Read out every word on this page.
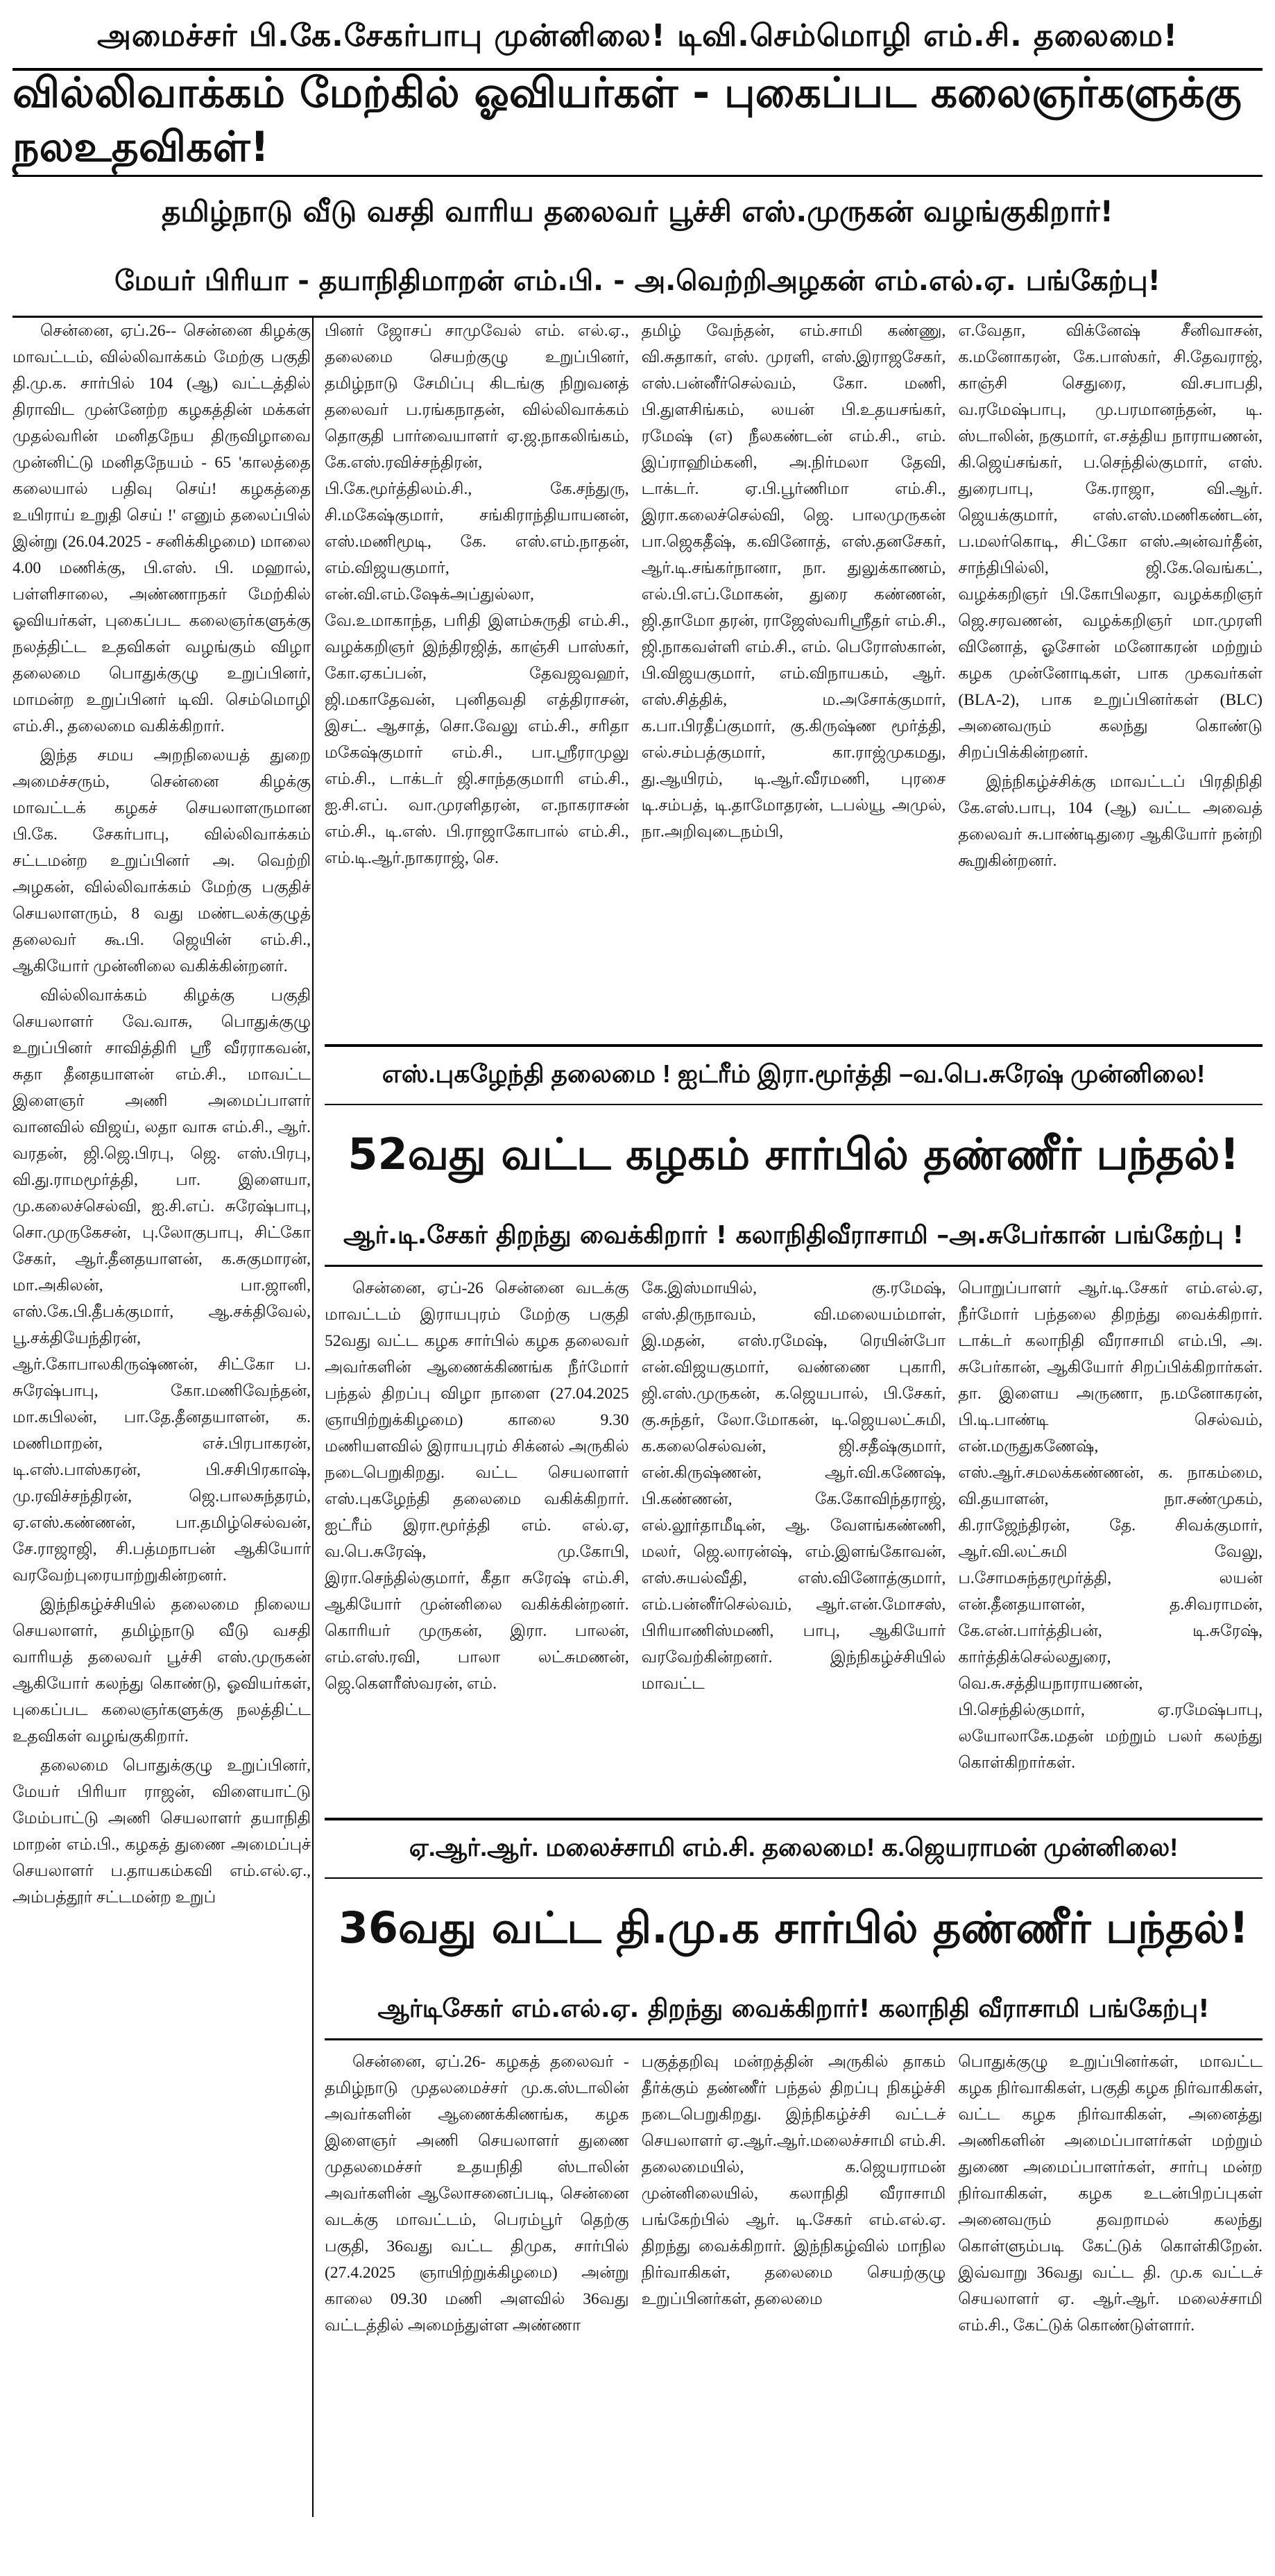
அமைச்சர் பி.கே.சேகர்பாபு முன்னிலை! டிவி.செம்மொழி எம்.சி. தலைமை!
வில்லிவாக்கம் மேற்கில் ஓவியர்கள் - புகைப்பட கலைஞர்களுக்கு நலஉதவிகள்!
தமிழ்நாடு வீடு வசதி வாரிய தலைவர் பூச்சி எஸ்.முருகன் வழங்குகிறார்!
மேயர் பிரியா - தயாநிதிமாறன் எம்.பி. - அ.வெற்றிஅழகன் எம்.எல்.ஏ. பங்கேற்பு!

சென்னை, ஏப்.26-- சென்னை கிழக்கு மாவட்டம், வில்லிவாக்கம் மேற்கு பகுதி தி.மு.க. சார்பில் 104 (ஆ) வட்டத்தில் திராவிட முன்னேற்ற கழகத்தின் மக்கள் முதல்வரின் மனிதநேய திருவிழாவை முன்னிட்டு மனிதநேயம் - 65 'காலத்தை கலையால் பதிவு செய்! கழகத்தை உயிராய் உறுதி செய் !' எனும் தலைப்பில் இன்று (26.04.2025 - சனிக்கிழமை) மாலை 4.00 மணிக்கு, பி.எஸ். பி. மஹால், பள்ளிசாலை, அண்ணாநகர் மேற்கில் ஓவியர்கள், புகைப்பட கலைஞர்களுக்கு நலத்திட்ட உதவிகள் வழங்கும் விழா தலைமை பொதுக்குழு உறுப்பினர், மாமன்ற உறுப்பினர் டிவி. செம்மொழி எம்.சி., தலைமை வகிக்கிறார்.

இந்த சமய அறநிலையத் துறை அமைச்சரும், சென்னை கிழக்கு மாவட்டக் கழகச் செயலாளருமான பி.கே. சேகர்பாபு, வில்லிவாக்கம் சட்டமன்ற உறுப்பினர் அ. வெற்றி அழகன், வில்லிவாக்கம் மேற்கு பகுதிச் செயலாளரும், 8 வது மண்டலக்குழுத் தலைவர் கூ.பி. ஜெயின் எம்.சி., ஆகியோர் முன்னிலை வகிக்கின்றனர்.

வில்லிவாக்கம் கிழக்கு பகுதி செயலாளர் வே.வாசு, பொதுக்குழு உறுப்பினர் சாவித்திரி ஸ்ரீ வீரராகவன், சுதா தீனதயாளன் எம்.சி., மாவட்ட இளைஞர் அணி அமைப்பாளர் வானவில் விஜய், லதா வாசு எம்.சி., ஆர். வரதன், ஜி.ஜெ.பிரபு, ஜெ. எஸ்.பிரபு, வி.து.ராமமூர்த்தி, பா. இளையா, மு.கலைச்செல்வி, ஐ.சி.எப். சுரேஷ்பாபு, சொ.முருகேசன், பு.லோகுபாபு, சிட்கோ சேகர், ஆர்.தீனதயாளன், க.சுகுமாரன், மா.அகிலன், பா.ஜானி, எஸ்.கே.பி.தீபக்குமார், ஆ.சக்திவேல், பூ.சக்தியேந்திரன், ஆர்.கோபாலகிருஷ்ணன், சிட்கோ ப. சுரேஷ்பாபு, கோ.மணிவேந்தன், மா.கபிலன், பா.தே.தீனதயாளன், க. மணிமாறன், எச்.பிரபாகரன், டி.எஸ்.பாஸ்கரன், பி.சசிபிரகாஷ், மு.ரவிச்சந்திரன், ஜெ.பாலசுந்தரம், ஏ.எஸ்.கண்ணன், பா.தமிழ்செல்வன், சே.ராஜாஜி, சி.பத்மநாபன் ஆகியோர் வரவேற்புரையாற்றுகின்றனர்.

இந்நிகழ்ச்சியில் தலைமை நிலைய செயலாளர், தமிழ்நாடு வீடு வசதி வாரியத் தலைவர் பூச்சி எஸ்.முருகன் ஆகியோர் கலந்து கொண்டு, ஓவியர்கள், புகைப்பட கலைஞர்களுக்கு நலத்திட்ட உதவிகள் வழங்குகிறார்.

தலைமை பொதுக்குழு உறுப்பினர், மேயர் பிரியா ராஜன், விளையாட்டு மேம்பாட்டு அணி செயலாளர் தயாநிதி மாறன் எம்.பி., கழகத் துணை அமைப்புச் செயலாளர் ப.தாயகம்கவி எம்.எல்.ஏ., அம்பத்தூர் சட்டமன்ற உறுப்

பினர் ஜோசப் சாமுவேல் எம். எல்.ஏ., தலைமை செயற்குழு உறுப்பினர், தமிழ்நாடு சேமிப்பு கிடங்கு நிறுவனத் தலைவர் ப.ரங்கநாதன், வில்லிவாக்கம் தொகுதி பார்வையாளர் ஏ.ஜ.நாகலிங்கம், கே.எஸ்.ரவிச்சந்திரன், பி.கே.மூர்த்திலம்.சி., கே.சந்துரு, சி.மகேஷ்குமார், சங்கிராந்தியாயனன், எஸ்.மணிமூடி, கே. எஸ்.எம்.நாதன், எம்.விஜயகுமார், என்.வி.எம்.ஷேக்அப்துல்லா, வே.உமாகாந்த, பரிதி இளம்சுருதி எம்.சி., வழக்கறிஞர் இந்திரஜித், காஞ்சி பாஸ்கர், கோ.ஏகப்பன், தேவஜவஹர், ஜி.மகாதேவன், புனிதவதி எத்திராசன், இசட். ஆசாத், சொ.வேலு எம்.சி., சரிதா மகேஷ்குமார் எம்.சி., பா.ஸ்ரீராமுலு எம்.சி., டாக்டர் ஜி.சாந்தகுமாரி எம்.சி., ஐ.சி.எப். வா.முரளிதரன், எ.நாகராசன் எம்.சி., டி.எஸ். பி.ராஜாகோபால் எம்.சி., எம்.டி.ஆர்.நாகராஜ், செ.

தமிழ் வேந்தன், எம்.சாமி கண்ணு, வி.சுதாகர், எஸ். முரளி, எஸ்.இராஜசேகர், எஸ்.பன்னீர்செல்வம், கோ. மணி, பி.துளசிங்கம், லயன் பி.உதயசங்கர், ரமேஷ் (எ) நீலகண்டன் எம்.சி., எம். இப்ராஹிம்கனி, அ.நிர்மலா தேவி, டாக்டர். ஏ.பி.பூர்ணிமா எம்.சி., இரா.கலைச்செல்வி, ஜெ. பாலமுருகன் பா.ஜெகதீஷ், க.வினோத், எஸ்.தனசேகர், ஆர்.டி.சங்கர்நானா, நா. துலுக்காணம், எல்.பி.எப்.மோகன், துரை கண்ணன், ஜி.தாமோ தரன், ராஜேஸ்வரிஸ்ரீதர் எம்.சி., ஜி.நாகவள்ளி எம்.சி., எம். பெரோஸ்கான், பி.விஜயகுமார், எம்.விநாயகம், ஆர். எஸ்.சித்திக், ம.அசோக்குமார், க.பா.பிரதீப்குமார், கு.கிருஷ்ண மூர்த்தி, எல்.சம்பத்குமார், கா.ராஜ்முகமது, து.ஆயிரம், டி.ஆர்.வீரமணி, புரசை டி.சம்பத், டி.தாமோதரன், டபல்யூ அமுல், நா.அறிவுடைநம்பி,

எ.வேதா, விக்னேஷ் சீனிவாசன், க.மனோகரன், கே.பாஸ்கர், சி.தேவராஜ், காஞ்சி செதுரை, வி.சபாபதி, வ.ரமேஷ்பாபு, மு.பரமானந்தன், டி. ஸ்டாலின், நகுமார், எ.சத்திய நாராயணன், கி.ஜெய்சங்கர், ப.செந்தில்குமார், எஸ். துரைபாபு, கே.ராஜா, வி.ஆர். ஜெயக்குமார், எஸ்.எஸ்.மணிகண்டன், ப.மலர்கொடி, சிட்கோ எஸ்.அன்வர்தீன், சாந்திபில்லி, ஜி.கே.வெங்கட், வழக்கறிஞர் பி.கோபிலதா, வழக்கறிஞர் ஜெ.சரவணன், வழக்கறிஞர் மா.முரளி வினோத், ஓசோன் மனோகரன் மற்றும் கழக முன்னோடிகள், பாக முகவர்கள் (BLA-2), பாக உறுப்பினர்கள் (BLC) அனைவரும் கலந்து கொண்டு சிறப்பிக்கின்றனர்.

இந்நிகழ்ச்சிக்கு மாவட்டப் பிரதிநிதி கே.எஸ்.பாபு, 104 (ஆ) வட்ட அவைத் தலைவர் சு.பாண்டிதுரை ஆகியோர் நன்றி கூறுகின்றனர்.

எஸ்.புகழேந்தி தலைமை ! ஐட்ரீம் இரா.மூர்த்தி –வ.பெ.சுரேஷ் முன்னிலை!
52வது வட்ட கழகம் சார்பில் தண்ணீர் பந்தல்!
ஆர்.டி.சேகர் திறந்து வைக்கிறார் ! கலாநிதிவீராசாமி –அ.சுபேர்கான் பங்கேற்பு !

சென்னை, ஏப்-26 சென்னை வடக்கு மாவட்டம் இராயபுரம் மேற்கு பகுதி 52வது வட்ட கழக சார்பில் கழக தலைவர் அவர்களின் ஆணைக்கிணங்க நீர்மோர் பந்தல் திறப்பு விழா நாளை (27.04.2025 ஞாயிற்றுக்கிழமை) காலை 9.30 மணியளவில் இராயபுரம் சிக்னல் அருகில் நடைபெறுகிறது. வட்ட செயலாளர் எஸ்.புகழேந்தி தலைமை வகிக்கிறார். ஐட்ரீம் இரா.மூர்த்தி எம். எல்.ஏ, வ.பெ.சுரேஷ், மு.கோபி, இரா.செந்தில்குமார், கீதா சுரேஷ் எம்.சி, ஆகியோர் முன்னிலை வகிக்கின்றனர். கொரியர் முருகன், இரா. பாலன், எம்.எஸ்.ரவி, பாலா லட்சுமணன், ஜெ.கௌரீஸ்வரன், எம்.

கே.இஸ்மாயில், கு.ரமேஷ், எஸ்.திருநாவம், வி.மலையம்மாள், இ.மதன், எஸ்.ரமேஷ், ரெயின்போ என்.விஜயகுமார், வண்ணை புகாரி, ஜி.எஸ்.முருகன், க.ஜெயபால், பி.சேகர், கு.சுந்தர், லோ.மோகன், டி.ஜெயலட்சுமி, க.கலைசெல்வன், ஜி.சதீஷ்குமார், என்.கிருஷ்ணன், ஆர்.வி.கணேஷ், பி.கண்ணன், கே.கோவிந்தராஜ், எல்.லூர்தாமீடின், ஆ. வேளங்கண்ணி, மலர், ஜெ.லாரன்ஷ், எம்.இளங்கோவன், எஸ்.சுயல்வீதி, எஸ்.வினோத்குமார், எம்.பன்னீர்செல்வம், ஆர்.என்.மோசஸ், பிரியாணிஸ்மணி, பாபு, ஆகியோர் வரவேற்கின்றனர். இந்நிகழ்ச்சியில் மாவட்ட

பொறுப்பாளர் ஆர்.டி.சேகர் எம்.எல்.ஏ, நீர்மோர் பந்தலை திறந்து வைக்கிறார். டாக்டர் கலாநிதி வீராசாமி எம்.பி, அ. சுபேர்கான், ஆகியோர் சிறப்பிக்கிறார்கள். தா. இளைய அருணா, ந.மனோகரன், பி.டி.பாண்டி செல்வம், என்.மருதுகணேஷ், எஸ்.ஆர்.சமலக்கண்ணன், க. நாகம்மை, வி.தயாளன், நா.சண்முகம், கி.ராஜேந்திரன், தே. சிவக்குமார், ஆர்.வி.லட்சுமி வேலு, ப.சோமசுந்தரமூர்த்தி, லயன் என்.தீனதயாளன், த.சிவராமன், கே.என்.பார்த்திபன், டி.சுரேஷ், கார்த்திக்செல்லதுரை, வெ.சு.சத்தியநாராயணன், பி.செந்தில்குமார், ஏ.ரமேஷ்பாபு, லயோலாகே.மதன் மற்றும் பலர் கலந்து கொள்கிறார்கள்.

ஏ.ஆர்.ஆர். மலைச்சாமி எம்.சி. தலைமை! க.ஜெயராமன் முன்னிலை!
36வது வட்ட தி.மு.க சார்பில் தண்ணீர் பந்தல்!
ஆர்டிசேகர் எம்.எல்.ஏ. திறந்து வைக்கிறார்! கலாநிதி வீராசாமி பங்கேற்பு!

சென்னை, ஏப்.26- கழகத் தலைவர் - தமிழ்நாடு முதலமைச்சர் மு.க.ஸ்டாலின் அவர்களின் ஆணைக்கிணங்க, கழக இளைஞர் அணி செயலாளர் துணை முதலமைச்சர் உதயநிதி ஸ்டாலின் அவர்களின் ஆலோசனைப்படி, சென்னை வடக்கு மாவட்டம், பெரம்பூர் தெற்கு பகுதி, 36வது வட்ட திமுக, சார்பில் (27.4.2025 ஞாயிற்றுக்கிழமை) அன்று காலை 09.30 மணி அளவில் 36வது வட்டத்தில் அமைந்துள்ள அண்ணா

பகுத்தறிவு மன்றத்தின் அருகில் தாகம் தீர்க்கும் தண்ணீர் பந்தல் திறப்பு நிகழ்ச்சி நடைபெறுகிறது. இந்நிகழ்ச்சி வட்டச் செயலாளர் ஏ.ஆர்.ஆர்.மலைச்சாமி எம்.சி. தலைமையில், க.ஜெயராமன் முன்னிலையில், கலாநிதி வீராசாமி பங்கேற்பில் ஆர். டி.சேகர் எம்.எல்.ஏ. திறந்து வைக்கிறார். இந்நிகழ்வில் மாநில நிர்வாகிகள், தலைமை செயற்குழு உறுப்பினர்கள், தலைமை

பொதுக்குழு உறுப்பினர்கள், மாவட்ட கழக நிர்வாகிகள், பகுதி கழக நிர்வாகிகள், வட்ட கழக நிர்வாகிகள், அனைத்து அணிகளின் அமைப்பாளர்கள் மற்றும் துணை அமைப்பாளர்கள், சார்பு மன்ற நிர்வாகிகள், கழக உடன்பிறப்புகள் அனைவரும் தவறாமல் கலந்து கொள்ளும்படி கேட்டுக் கொள்கிறேன். இவ்வாறு 36வது வட்ட தி. மு.க வட்டச் செயலாளர் ஏ. ஆர்.ஆர். மலைச்சாமி எம்.சி., கேட்டுக் கொண்டுள்ளார்.
